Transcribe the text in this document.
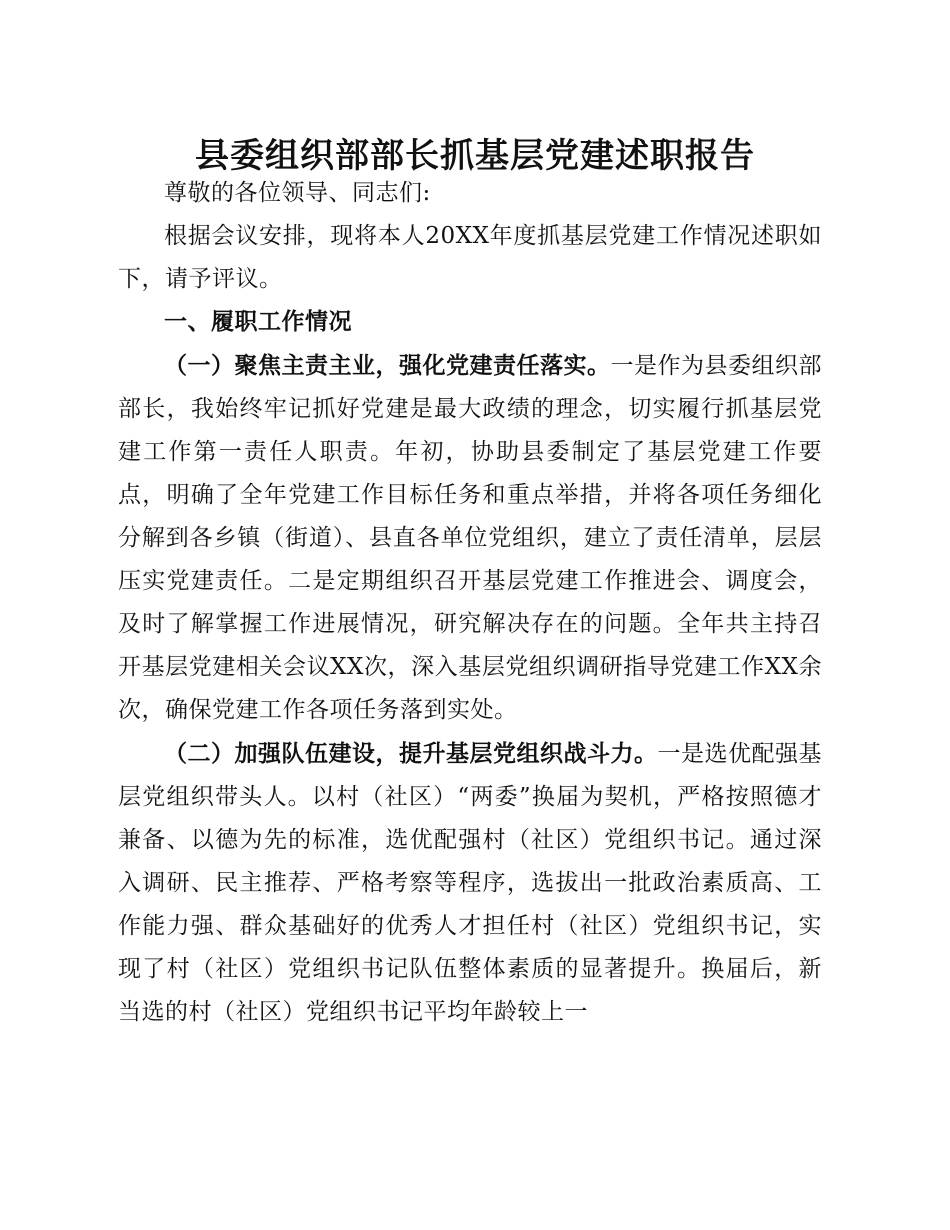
县委组织部部长抓基层党建述职报告

尊敬的各位领导、同志们:

根据会议安排，现将本人20XX年度抓基层党建工作情况述职如下，请予评议。

一、履职工作情况

（一）聚焦主责主业，强化党建责任落实。一是作为县委组织部部长，我始终牢记抓好党建是最大政绩的理念，切实履行抓基层党建工作第一责任人职责。年初，协助县委制定了基层党建工作要点，明确了全年党建工作目标任务和重点举措，并将各项任务细化分解到各乡镇（街道）、县直各单位党组织，建立了责任清单，层层压实党建责任。二是定期组织召开基层党建工作推进会、调度会，及时了解掌握工作进展情况，研究解决存在的问题。全年共主持召开基层党建相关会议XX次，深入基层党组织调研指导党建工作XX余次，确保党建工作各项任务落到实处。

（二）加强队伍建设，提升基层党组织战斗力。一是选优配强基层党组织带头人。以村（社区）“两委”换届为契机，严格按照德才兼备、以德为先的标准，选优配强村（社区）党组织书记。通过深入调研、民主推荐、严格考察等程序，选拔出一批政治素质高、工作能力强、群众基础好的优秀人才担任村（社区）党组织书记，实现了村（社区）党组织书记队伍整体素质的显著提升。换届后，新当选的村（社区）党组织书记平均年龄较上一
